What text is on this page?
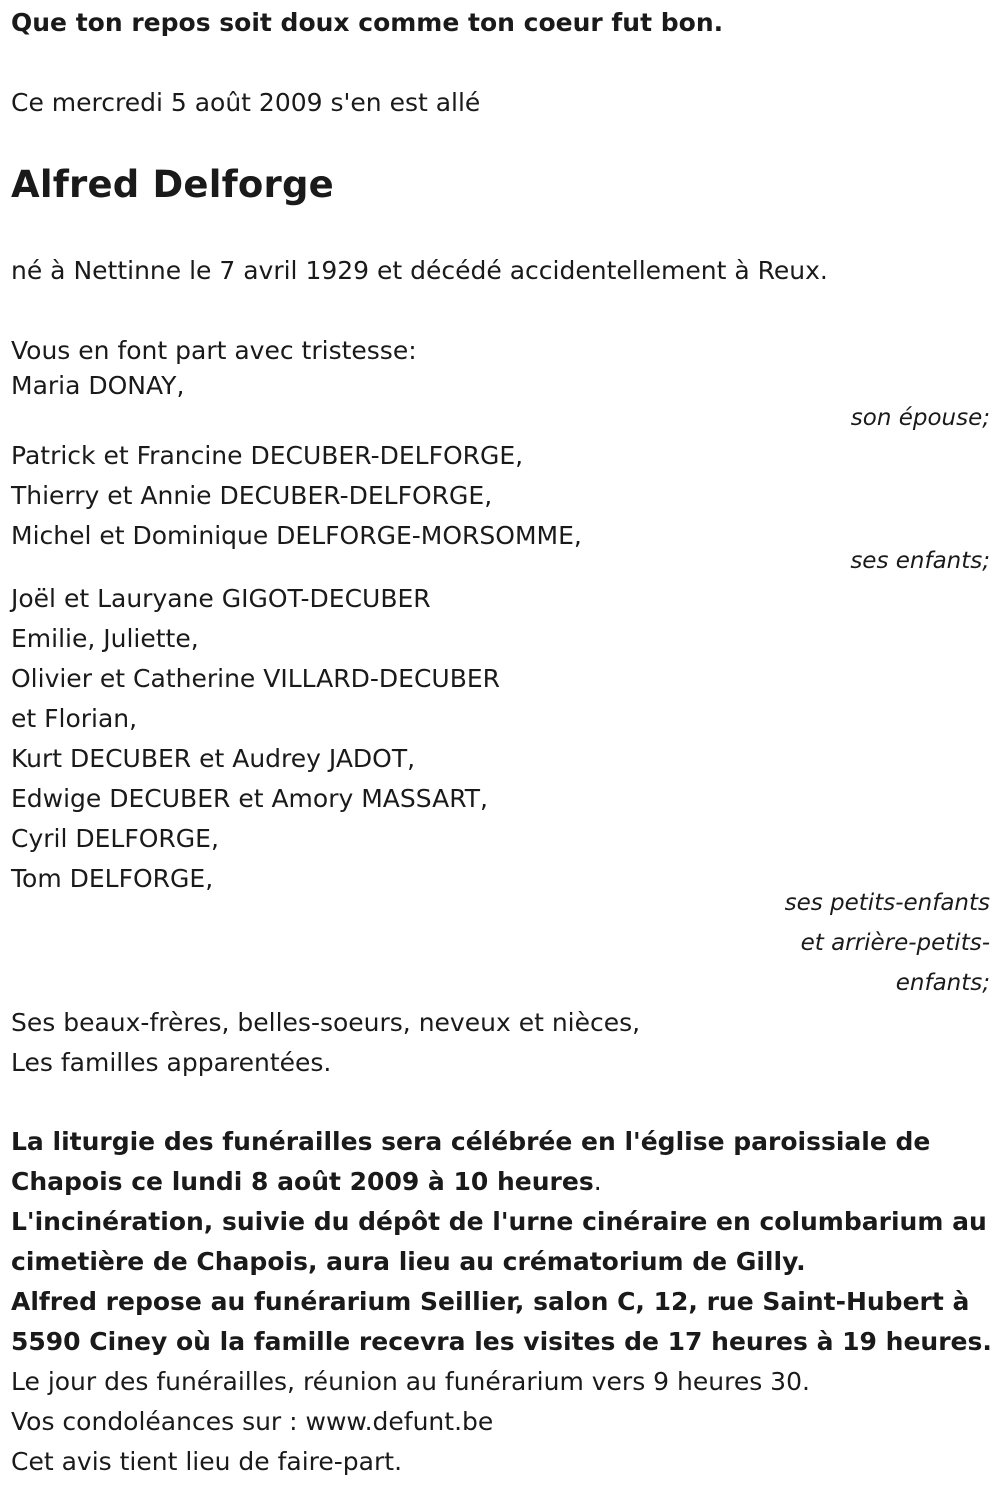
Que ton repos soit doux comme ton coeur fut bon.
Ce mercredi 5 août 2009 s'en est allé
Alfred Delforge
né à Nettinne le 7 avril 1929 et décédé accidentellement à Reux.
Vous en font part avec tristesse:
Maria DONAY,
son épouse;
Patrick et Francine DECUBER-DELFORGE,
Thierry et Annie DECUBER-DELFORGE,
Michel et Dominique DELFORGE-MORSOMME,
ses enfants;
Joël et Lauryane GIGOT-DECUBER
Emilie, Juliette,
Olivier et Catherine VILLARD-DECUBER
et Florian,
Kurt DECUBER et Audrey JADOT,
Edwige DECUBER et Amory MASSART,
Cyril DELFORGE,
Tom DELFORGE,
ses petits-enfants
et arrière-petits-
enfants;
Ses beaux-frères, belles-soeurs, neveux et nièces,
Les familles apparentées.
La liturgie des funérailles sera célébrée en l'église paroissiale de
Chapois ce lundi 8 août 2009 à 10 heures.
L'incinération, suivie du dépôt de l'urne cinéraire en columbarium au
cimetière de Chapois, aura lieu au crématorium de Gilly.
Alfred repose au funérarium Seillier, salon C, 12, rue Saint-Hubert à
5590 Ciney où la famille recevra les visites de 17 heures à 19 heures.
Le jour des funérailles, réunion au funérarium vers 9 heures 30.
Vos condoléances sur : www.defunt.be
Cet avis tient lieu de faire-part.
